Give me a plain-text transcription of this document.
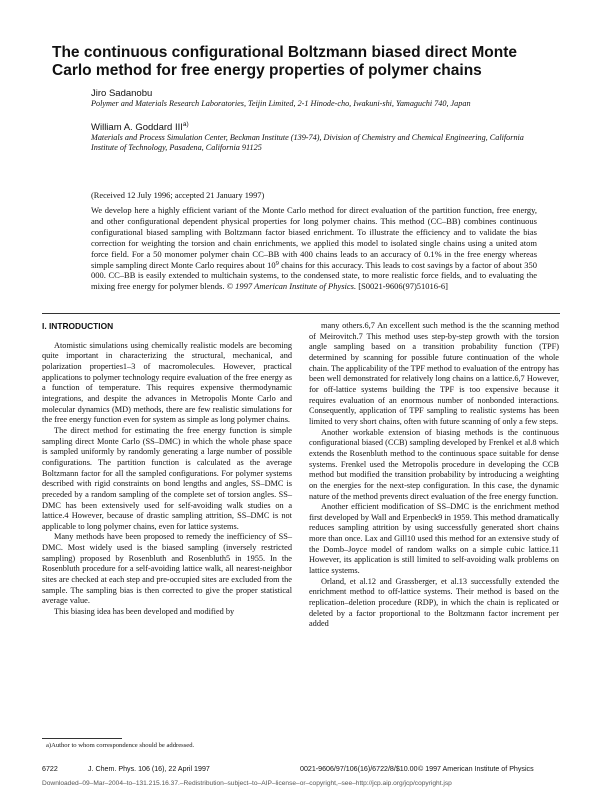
The continuous configurational Boltzmann biased direct Monte Carlo method for free energy properties of polymer chains
Jiro Sadanobu
Polymer and Materials Research Laboratories, Teijin Limited, 2-1 Hinode-cho, Iwakuni-shi, Yamaguchi 740, Japan
William A. Goddard III$^{a)}$
Materials and Process Simulation Center, Beckman Institute (139-74), Division of Chemistry and Chemical Engineering, California Institute of Technology, Pasadena, California 91125
(Received 12 July 1996; accepted 21 January 1997)
We develop here a highly efficient variant of the Monte Carlo method for direct evaluation of the partition function, free energy, and other configurational dependent physical properties for long polymer chains. This method (CC–BB) combines continuous configurational biased sampling with Boltzmann factor biased enrichment. To illustrate the efficiency and to validate the bias correction for weighting the torsion and chain enrichments, we applied this model to isolated single chains using a united atom force field. For a 50 monomer polymer chain CC–BB with 400 chains leads to an accuracy of 0.1% in the free energy whereas simple sampling direct Monte Carlo requires about $10^9$ chains for this accuracy. This leads to cost savings by a factor of about 350 000. CC–BB is easily extended to multichain systems, to the condensed state, to more realistic force fields, and to evaluating the mixing free energy for polymer blends. © 1997 American Institute of Physics. [S0021-9606(97)51016-6]
I. INTRODUCTION

Atomistic simulations using chemically realistic models are becoming quite important in characterizing the structural, mechanical, and polarization properties1–3 of macromolecules. However, practical applications to polymer technology require evaluation of the free energy as a function of temperature. This requires expensive thermodynamic integrations, and despite the advances in Metropolis Monte Carlo and molecular dynamics (MD) methods, there are few realistic simulations for the free energy function even for system as simple as long polymer chains.

The direct method for estimating the free energy function is simple sampling direct Monte Carlo (SS–DMC) in which the whole phase space is sampled uniformly by randomly generating a large number of possible configurations. The partition function is calculated as the average Boltzmann factor for all the sampled configurations. For polymer systems described with rigid constraints on bond lengths and angles, SS–DMC is preceded by a random sampling of the complete set of torsion angles. SS–DMC has been extensively used for self-avoiding walk studies on a lattice.4 However, because of drastic sampling attrition, SS–DMC is not applicable to long polymer chains, even for lattice systems.

Many methods have been proposed to remedy the inefficiency of SS–DMC. Most widely used is the biased sampling (inversely restricted sampling) proposed by Rosenbluth and Rosenbluth5 in 1955. In the Rosenbluth procedure for a self-avoiding lattice walk, all nearest-neighbor sites are checked at each step and pre-occupied sites are excluded from the sample. The sampling bias is then corrected to give the proper statistical average value.

This biasing idea has been developed and modified by

many others.6,7 An excellent such method is the the scanning method of Meirovitch.7 This method uses step-by-step growth with the torsion angle sampling based on a transition probability function (TPF) determined by scanning for possible future continuation of the whole chain. The applicability of the TPF method to evaluation of the entropy has been well demonstrated for relatively long chains on a lattice.6,7 However, for off-lattice systems building the TPF is too expensive because it requires evaluation of an enormous number of nonbonded interactions. Consequently, application of TPF sampling to realistic systems has been limited to very short chains, often with future scanning of only a few steps.

Another workable extension of biasing methods is the continuous configurational biased (CCB) sampling developed by Frenkel et al.8 which extends the Rosenbluth method to the continuous space suitable for dense systems. Frenkel used the Metropolis procedure in developing the CCB method but modified the transition probability by introducing a weighting on the energies for the next-step configuration. In this case, the dynamic nature of the method prevents direct evaluation of the free energy function.

Another efficient modification of SS–DMC is the enrichment method first developed by Wall and Erpenbeck9 in 1959. This method dramatically reduces sampling attrition by using successfully generated short chains more than once. Lax and Gill10 used this method for an extensive study of the Domb–Joyce model of random walks on a simple cubic lattice.11 However, its application is still limited to self-avoiding walk problems on lattice systems.

Orland, et al.12 and Grassberger, et al.13 successfully extended the enrichment method to off-lattice systems. Their method is based on the replication–deletion procedure (RDP), in which the chain is replicated or deleted by a factor proportional to the Boltzmann factor increment per added

a)Author to whom correspondence should be addressed.
6722	J. Chem. Phys. 106 (16), 22 April 1997	0021-9606/97/106(16)/6722/8/$10.00 © 1997 American Institute of Physics
Downloaded–09–Mar–2004–to–131.215.16.37.–Redistribution–subject–to–AIP–license–or–copyright,–see–http://jcp.aip.org/jcp/copyright.jsp
